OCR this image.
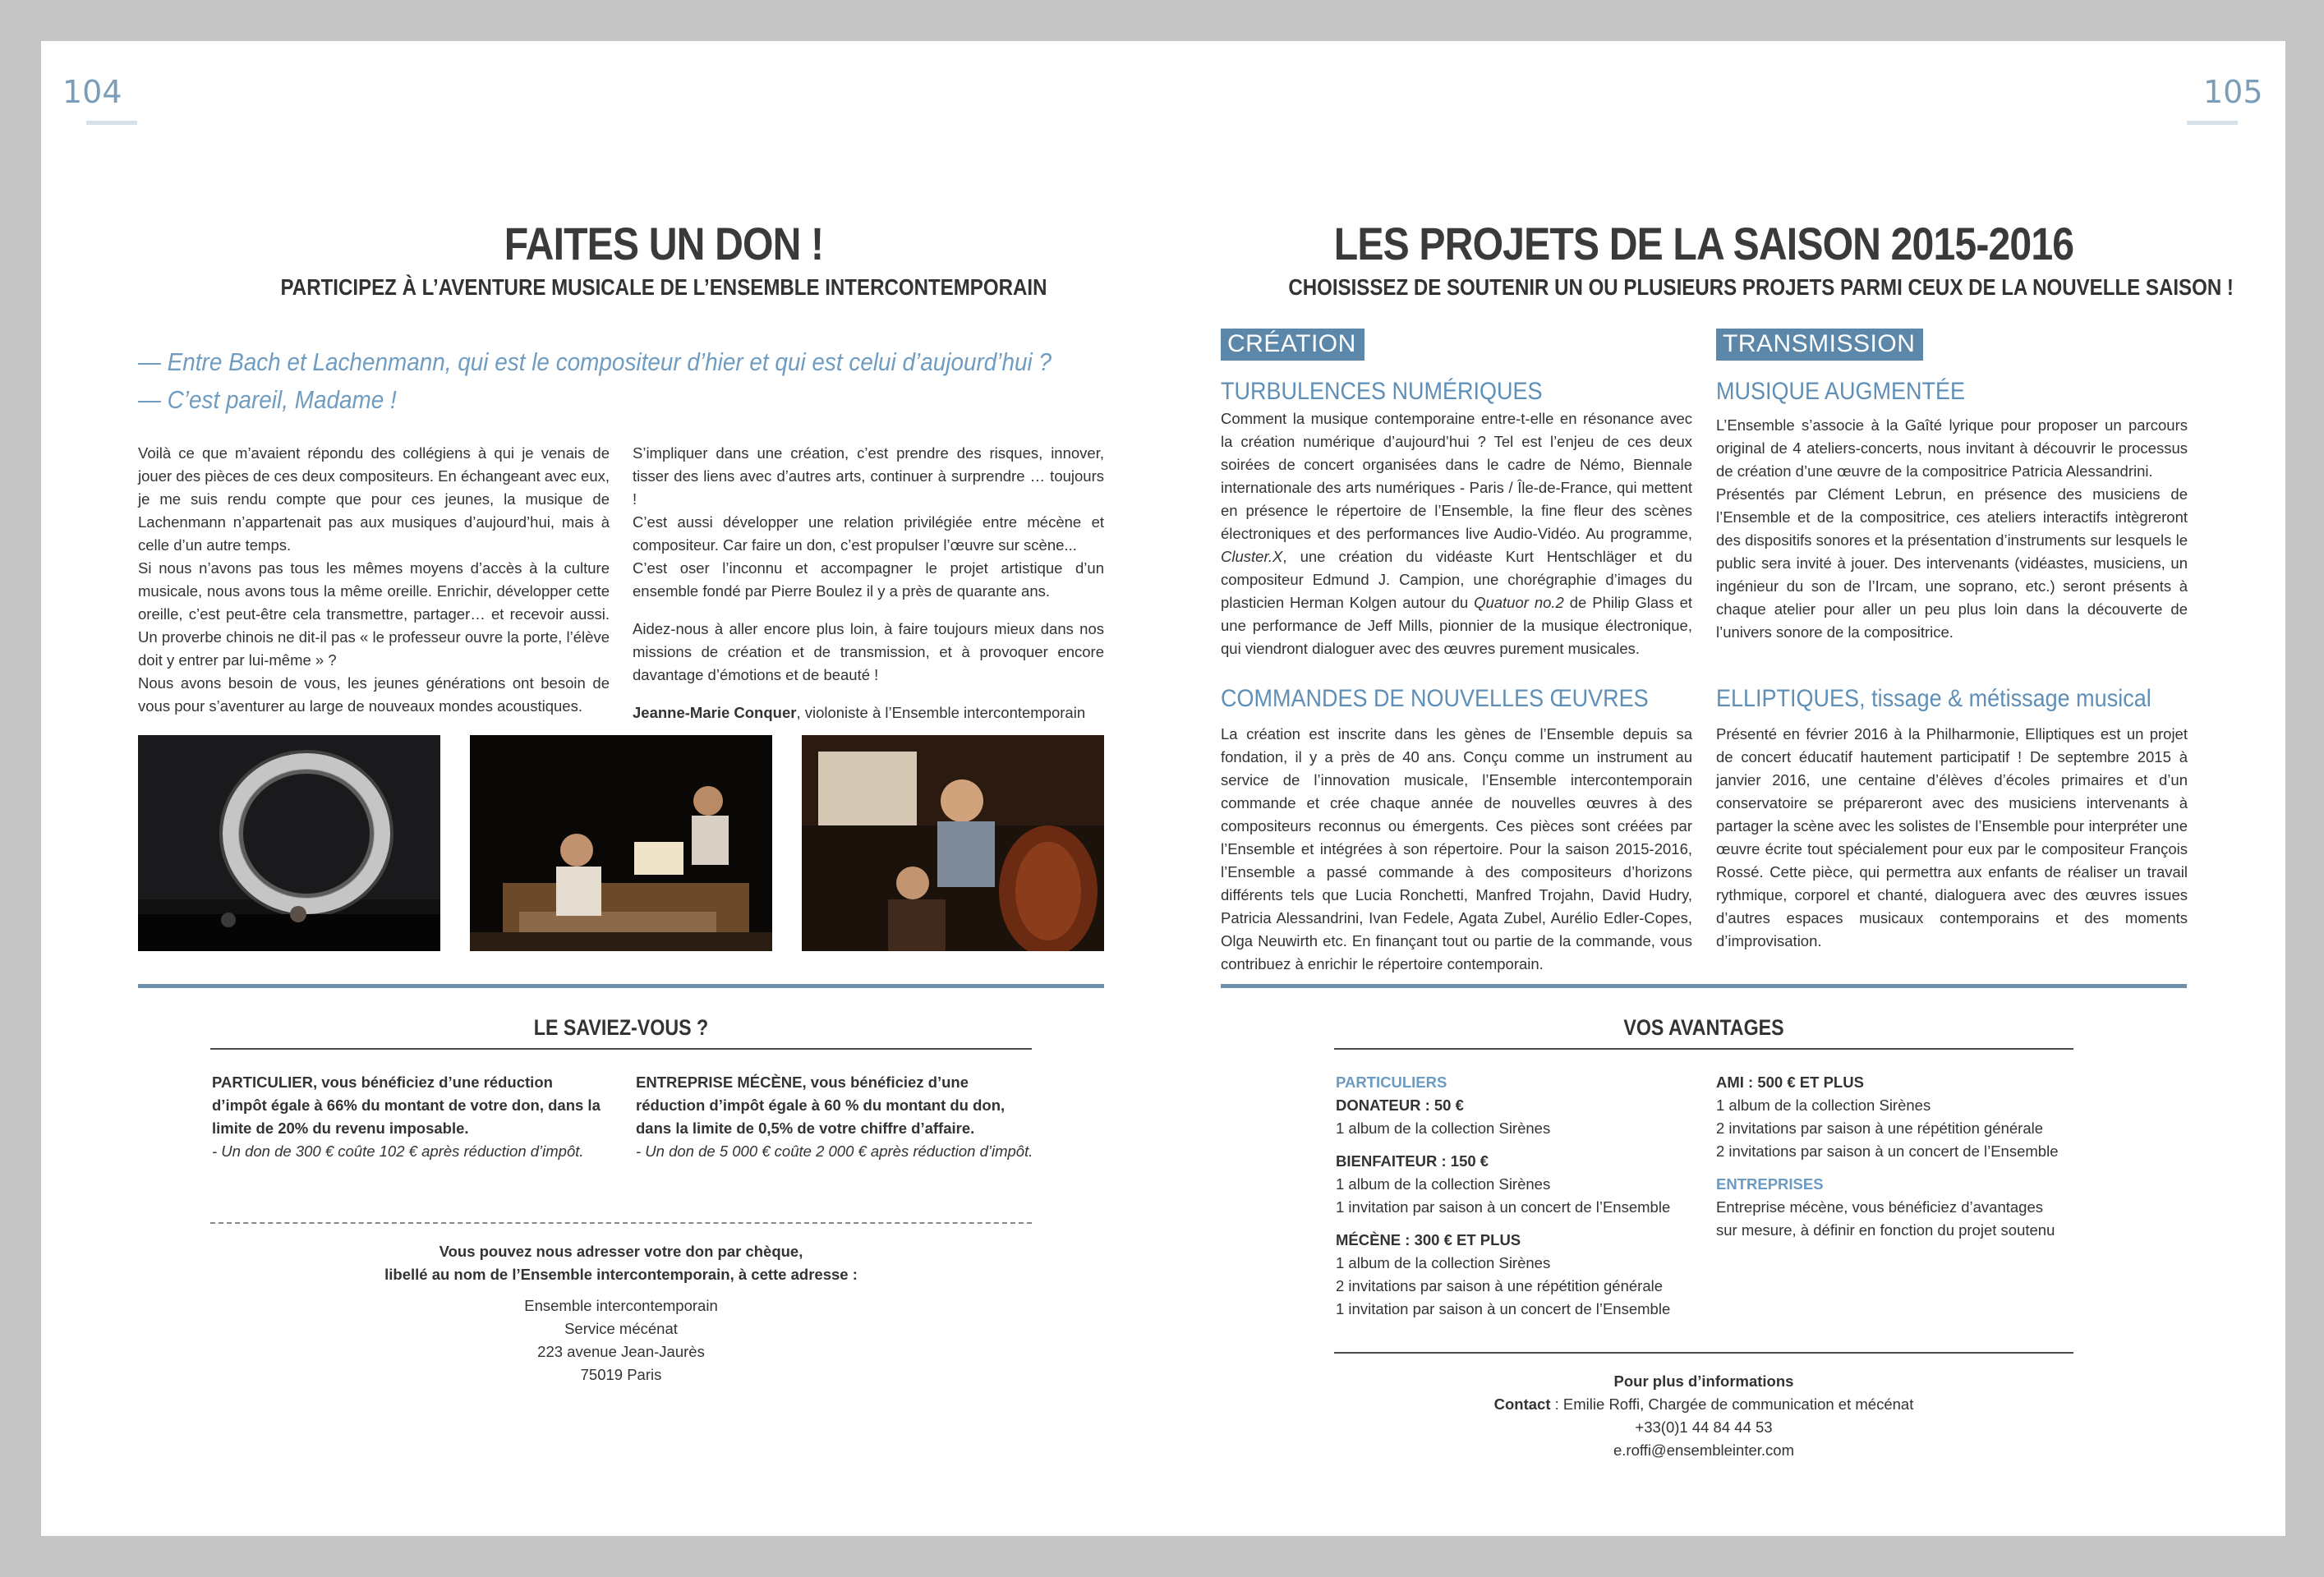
104	105
FAITES UN DON !
PARTICIPEZ À L’AVENTURE MUSICALE DE L’ENSEMBLE INTERCONTEMPORAIN
— Entre Bach et Lachenmann, qui est le compositeur d’hier et qui est celui d’aujourd’hui ?
— C’est pareil, Madame !

Voilà ce que m’avaient répondu des collégiens à qui je venais de jouer des pièces de ces deux compositeurs. En échangeant avec eux, je me suis rendu compte que pour ces jeunes, la musique de Lachenmann n’appartenait pas aux musiques d’aujourd’hui, mais à celle d’un autre temps.

Si nous n’avons pas tous les mêmes moyens d’accès à la culture musicale, nous avons tous la même oreille. Enrichir, développer cette oreille, c’est peut-être cela transmettre, partager… et recevoir aussi. Un proverbe chinois ne dit-il pas « le professeur ouvre la porte, l’élève doit y entrer par lui-même » ?

Nous avons besoin de vous, les jeunes générations ont besoin de vous pour s’aventurer au large de nouveaux mondes acoustiques.

S’impliquer dans une création, c’est prendre des risques, innover, tisser des liens avec d’autres arts, continuer à surprendre … toujours !

C’est aussi développer une relation privilégiée entre mécène et compositeur. Car faire un don, c’est propulser l’œuvre sur scène...

C’est oser l’inconnu et accompagner le projet artistique d’un ensemble fondé par Pierre Boulez il y a près de quarante ans.

Aidez-nous à aller encore plus loin, à faire toujours mieux dans nos missions de création et de transmission, et à provoquer encore davantage d’émotions et de beauté !

Jeanne-Marie Conquer, violoniste à l’Ensemble intercontemporain

LE SAVIEZ-VOUS ?
PARTICULIER, vous bénéficiez d’une réduction d’impôt égale à 66% du montant de votre don, dans la limite de 20% du revenu imposable.
- Un don de 300 € coûte 102 € après réduction d’impôt.
ENTREPRISE MÉCÈNE, vous bénéficiez d’une réduction d’impôt égale à 60 % du montant du don, dans la limite de 0,5% de votre chiffre d’affaire.
- Un don de 5 000 € coûte 2 000 € après réduction d’impôt.
Vous pouvez nous adresser votre don par chèque,
libellé au nom de l’Ensemble intercontemporain, à cette adresse :
Ensemble intercontemporain
Service mécénat
223 avenue Jean-Jaurès
75019 Paris
LES PROJETS DE LA SAISON 2015-2016
CHOISISSEZ DE SOUTENIR UN OU PLUSIEURS PROJETS PARMI CEUX DE LA NOUVELLE SAISON !
CRÉATION	TRANSMISSION
TURBULENCES NUMÉRIQUES

Comment la musique contemporaine entre-t-elle en résonance avec la création numérique d’aujourd’hui ? Tel est l’enjeu de ces deux soirées de concert organisées dans le cadre de Némo, Biennale internationale des arts numériques - Paris / Île-de-France, qui mettent en présence le répertoire de l’Ensemble, la fine fleur des scènes électroniques et des performances live Audio-Vidéo. Au programme, Cluster.X, une création du vidéaste Kurt Hentschläger et du compositeur Edmund J. Campion, une chorégraphie d’images du plasticien Herman Kolgen autour du Quatuor no.2 de Philip Glass et une performance de Jeff Mills, pionnier de la musique électronique, qui viendront dialoguer avec des œuvres purement musicales.

COMMANDES DE NOUVELLES ŒUVRES
La création est inscrite dans les gènes de l’Ensemble depuis sa fondation, il y a près de 40 ans. Conçu comme un instrument au service de l’innovation musicale, l’Ensemble intercontemporain commande et crée chaque année de nouvelles œuvres à des compositeurs reconnus ou émergents. Ces pièces sont créées par l’Ensemble et intégrées à son répertoire. Pour la saison 2015-2016, l’Ensemble a passé commande à des compositeurs d’horizons différents tels que Lucia Ronchetti, Manfred Trojahn, David Hudry, Patricia Alessandrini, Ivan Fedele, Agata Zubel, Aurélio Edler-Copes, Olga Neuwirth etc. En finançant tout ou partie de la commande, vous contribuez à enrichir le répertoire contemporain.
MUSIQUE AUGMENTÉE

L’Ensemble s’associe à la Gaîté lyrique pour proposer un parcours original de 4 ateliers-concerts, nous invitant à découvrir le processus de création d’une œuvre de la compositrice Patricia Alessandrini.

Présentés par Clément Lebrun, en présence des musiciens de l’Ensemble et de la compositrice, ces ateliers interactifs intègreront des dispositifs sonores et la présentation d’instruments sur lesquels le public sera invité à jouer. Des intervenants (vidéastes, musiciens, un ingénieur du son de l’Ircam, une soprano, etc.) seront présents à chaque atelier pour aller un peu plus loin dans la découverte de l’univers sonore de la compositrice.

ELLIPTIQUES, tissage & métissage musical
Présenté en février 2016 à la Philharmonie, Elliptiques est un projet de concert éducatif hautement participatif ! De septembre 2015 à janvier 2016, une centaine d’élèves d’écoles primaires et d’un conservatoire se prépareront avec des musiciens intervenants à partager la scène avec les solistes de l’Ensemble pour interpréter une œuvre écrite tout spécialement pour eux par le compositeur François Rossé. Cette pièce, qui permettra aux enfants de réaliser un travail rythmique, corporel et chanté, dialoguera avec des œuvres issues d’autres espaces musicaux contemporains et des moments d’improvisation.
VOS AVANTAGES
PARTICULIERS
DONATEUR : 50 €
1 album de la collection Sirènes
BIENFAITEUR : 150 €
1 album de la collection Sirènes
1 invitation par saison à un concert de l’Ensemble
MÉCÈNE : 300 € ET PLUS
1 album de la collection Sirènes
2 invitations par saison à une répétition générale
1 invitation par saison à un concert de l’Ensemble
AMI : 500 € ET PLUS
1 album de la collection Sirènes
2 invitations par saison à une répétition générale
2 invitations par saison à un concert de l’Ensemble
ENTREPRISES
Entreprise mécène, vous bénéficiez d’avantages
sur mesure, à définir en fonction du projet soutenu
Pour plus d’informations
Contact : Emilie Roffi, Chargée de communication et mécénat
+33(0)1 44 84 44 53
e.roffi@ensembleinter.com
